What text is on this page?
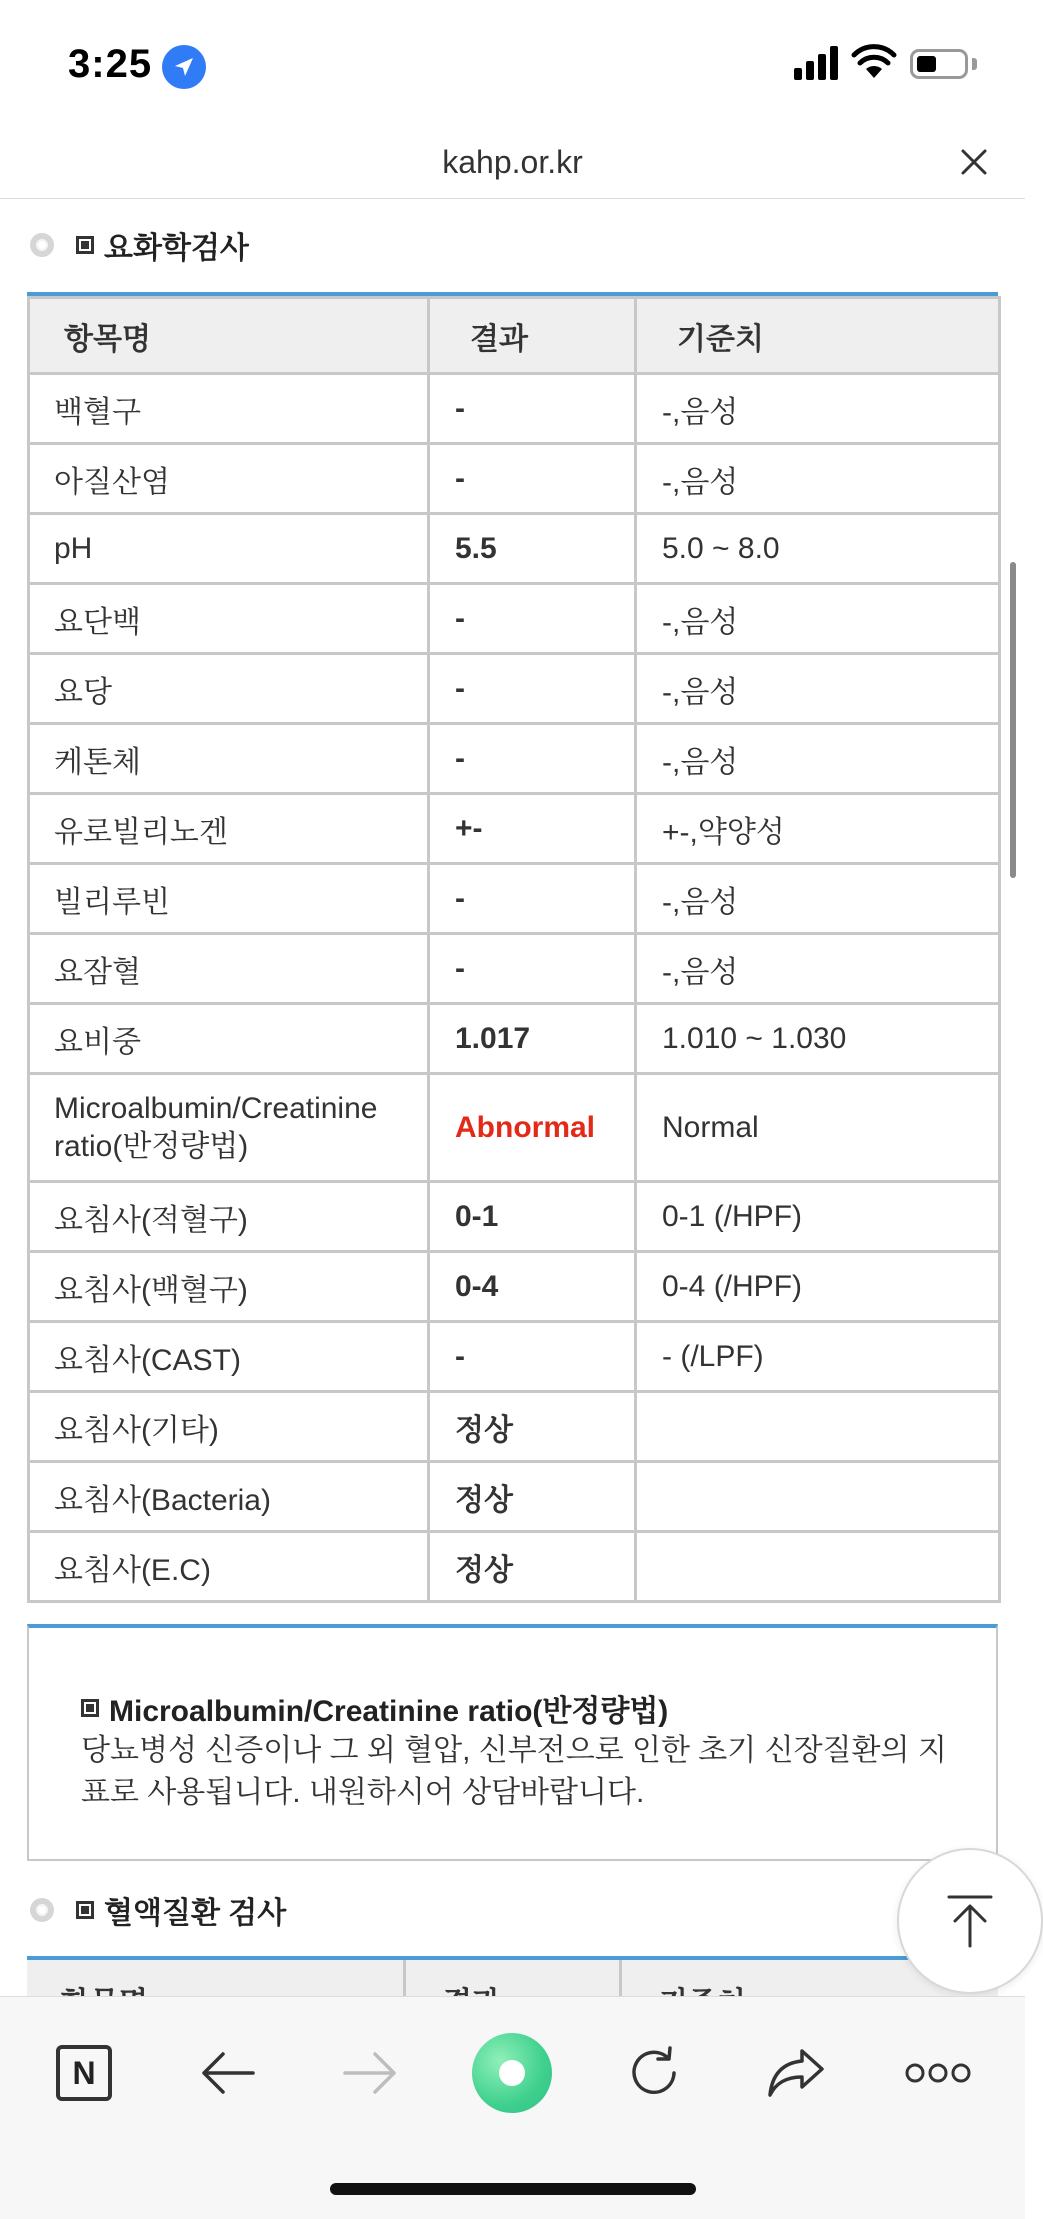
3:25
kahp.or.kr
요화학검사
항목명	결과	기준치
백혈구	-	-,음성
아질산염	-	-,음성
pH	5.5	5.0 ~ 8.0
요단백	-	-,음성
요당	-	-,음성
케톤체	-	-,음성
유로빌리노겐	+-	+-,약양성
빌리루빈	-	-,음성
요잠혈	-	-,음성
요비중	1.017	1.010 ~ 1.030
Microalbumin/Creatinine
ratio(반정량법)	Abnormal	Normal
요침사(적혈구)	0-1	0-1 (/HPF)
요침사(백혈구)	0-4	0-4 (/HPF)
요침사(CAST)	-	- (/LPF)
요침사(기타)	정상	
요침사(Bacteria)	정상	
요침사(E.C)	정상	
Microalbumin/Creatinine ratio(반정량법)
당뇨병성 신증이나 그 외 혈압, 신부전으로 인한 초기 신장질환의 지표로 사용됩니다. 내원하시어 상담바랍니다.
혈액질환 검사
N
